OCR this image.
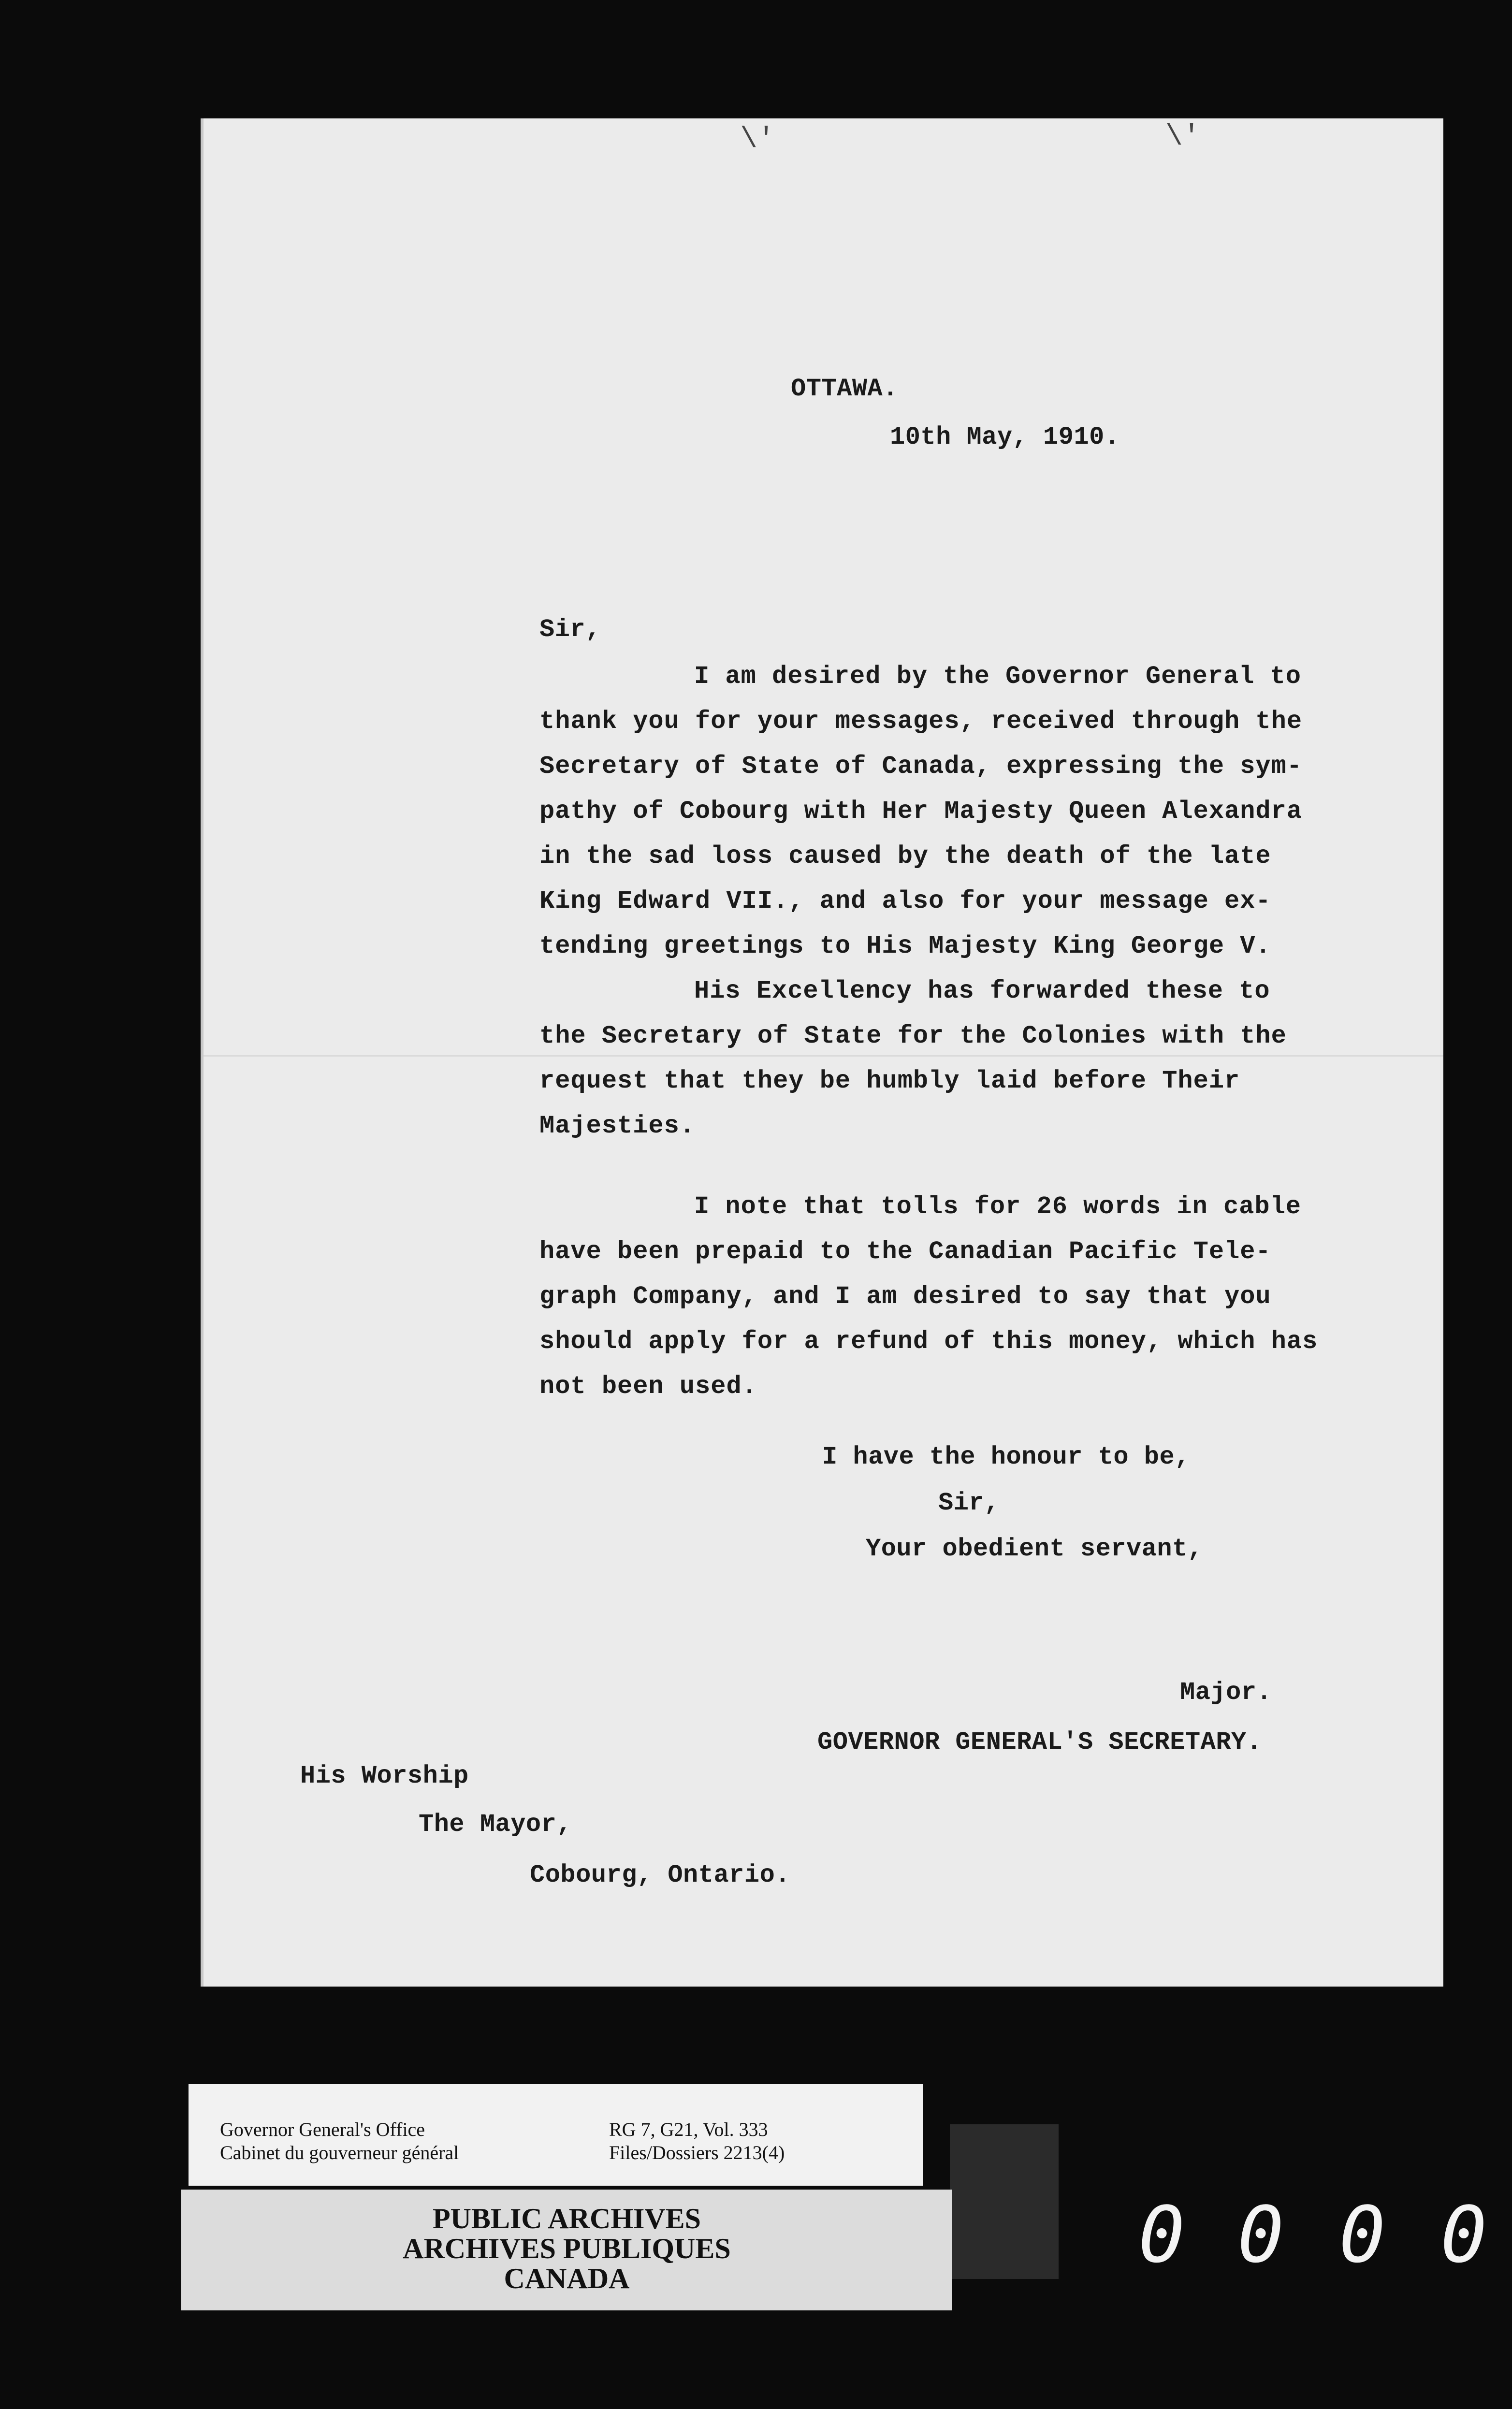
\'	\'
OTTAWA.
10th May, 1910.
Sir,
I am desired by the Governor General to
thank you for your messages, received through the
Secretary of State of Canada, expressing the sym-
pathy of Cobourg with Her Majesty Queen Alexandra
in the sad loss caused by the death of the late
King Edward VII., and also for your message ex-
tending greetings to His Majesty King George V.
His Excellency has forwarded these to
the Secretary of State for the Colonies with the
request that they be humbly laid before Their
Majesties.
I note that tolls for 26 words in cable
have been prepaid to the Canadian Pacific Tele-
graph Company, and I am desired to say that you
should apply for a refund of this money, which has
not been used.
I have the honour to be,
Sir,
Your obedient servant,
Major.
GOVERNOR GENERAL'S SECRETARY.
His Worship
The Mayor,
Cobourg, Ontario.
Governor General's Office
Cabinet du gouverneur général
RG 7, G21, Vol. 333
Files/Dossiers 2213(4)
PUBLIC ARCHIVES
ARCHIVES PUBLIQUES
CANADA	0 0 0 0
